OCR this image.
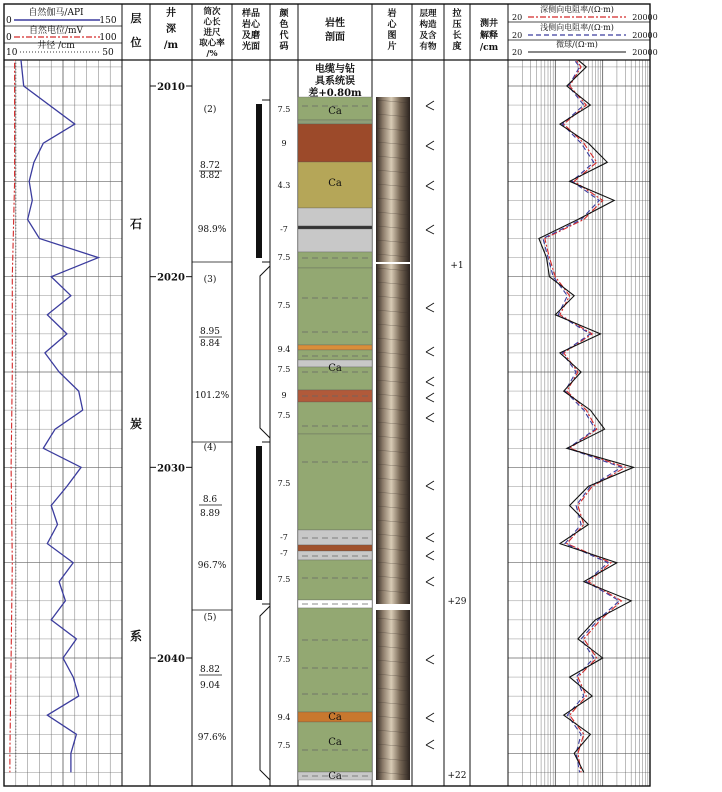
自然伽马/API
0	150
自然电位/mV
0	100
井径 /cm
10	50
层
位
井
深
/m
筒次
心长
进尺
取心率
/%
样品
岩心
及磨
光面
颜
色
代
码
岩性
剖面
岩
心
图
片
层理
构造
及含
有物
拉
压
长
度
测井
解释
/cm
深侧向电阻率/(Ω·m)
20	20000
浅侧向电阻率/(Ω·m)
20	20000
微球/(Ω·m)
20	20000
电缆与钻
具系统误
差+0.80m
Ca
Ca
Ca
Ca
Ca
Ca
2010
2020
2030
2040
石
炭
系
(2)
8.72
8.82
98.9%
(3)
8.95
8.84
101.2%
(4)
8.6
8.89
96.7%
(5)
8.82
9.04
97.6%
7.5
9
4.3
-7
7.5
7.5
9.4
7.5
9
7.5
7.5
-7
-7
7.5
7.5
9.4
7.5
+1
+29
+22
